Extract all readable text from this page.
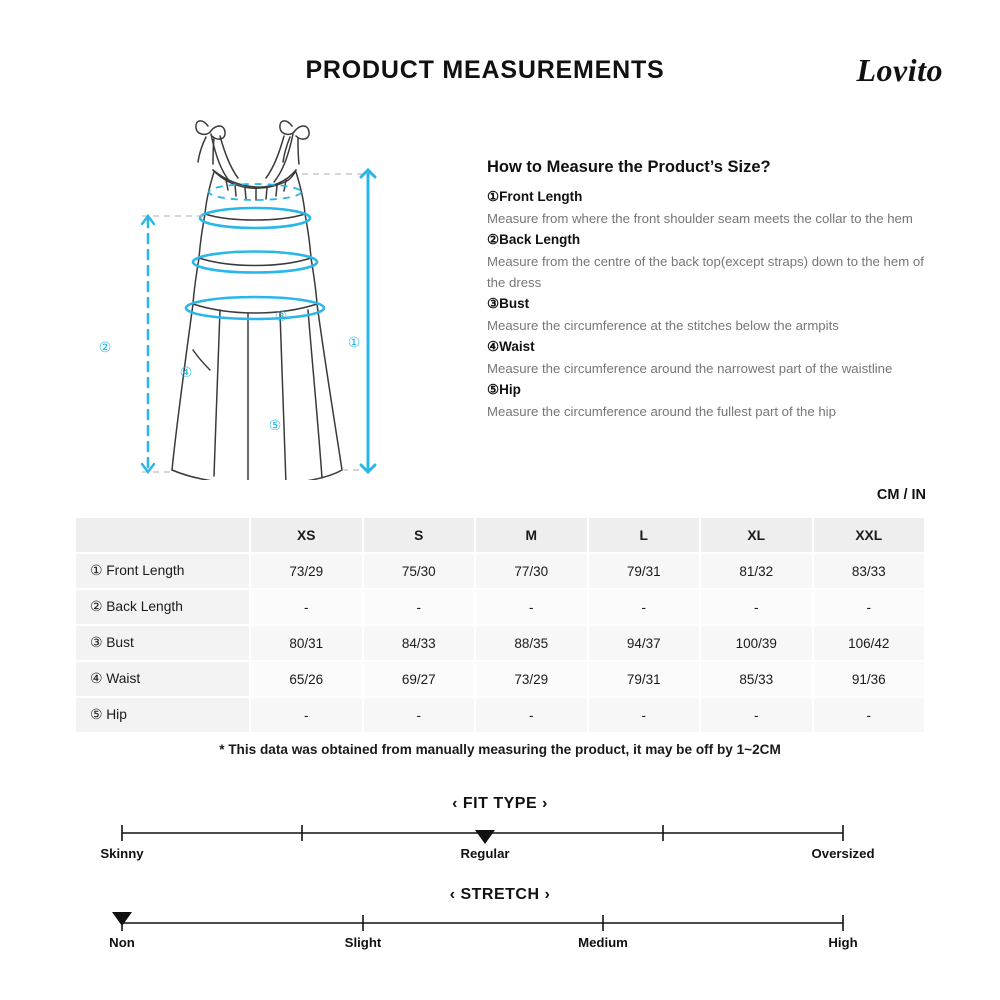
PRODUCT MEASUREMENTS	Lovito
①
②
③
④
⑤
How to Measure the Product’s Size?
①Front Length
Measure from where the front shoulder seam meets the collar to the hem
②Back Length
Measure from the centre of the back top(except straps) down to the hem of the dress
③Bust
Measure the circumference at the stitches below the armpits
④Waist
Measure the circumference around the narrowest part of the waistline
⑤Hip
Measure the circumference around the fullest part of the hip
CM / IN
	XS	S	M	L	XL	XXL
① Front Length	73/29	75/30	77/30	79/31	81/32	83/33
② Back Length	-	-	-	-	-	-
③ Bust	80/31	84/33	88/35	94/37	100/39	106/42
④ Waist	65/26	69/27	73/29	79/31	85/33	91/36
⑤ Hip	-	-	-	-	-	-
* This data was obtained from manually measuring the product, it may be off by 1~2CM
‹ FIT TYPE ›
Skinny	Regular	Oversized
‹ STRETCH ›
Non	Slight	Medium	High
